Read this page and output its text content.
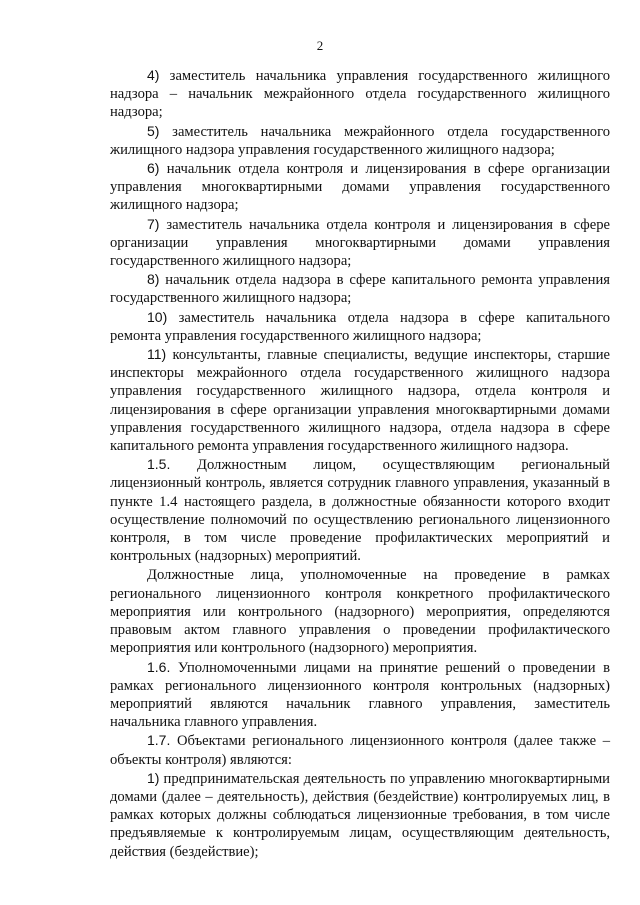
2

4) заместитель начальника управления государственного жилищного надзора – начальник межрайонного отдела государственного жилищного надзора;

5) заместитель начальника межрайонного отдела государственного жилищного надзора управления государственного жилищного надзора;

6) начальник отдела контроля и лицензирования в сфере организации управления многоквартирными домами управления государственного жилищного надзора;

7) заместитель начальника отдела контроля и лицензирования в сфере организации управления многоквартирными домами управления государственного жилищного надзора;

8) начальник отдела надзора в сфере капитального ремонта управления государственного жилищного надзора;

10) заместитель начальника отдела надзора в сфере капитального ремонта управления государственного жилищного надзора;

11) консультанты, главные специалисты, ведущие инспекторы, старшие инспекторы межрайонного отдела государственного жилищного надзора управления государственного жилищного надзора, отдела контроля и лицензирования в сфере организации управления многоквартирными домами управления государственного жилищного надзора, отдела надзора в сфере капитального ремонта управления государственного жилищного надзора.

1.5. Должностным лицом, осуществляющим региональный лицензионный контроль, является сотрудник главного управления, указанный в пункте 1.4 настоящего раздела, в должностные обязанности которого входит осуществление полномочий по осуществлению регионального лицензионного контроля, в том числе проведение профилактических мероприятий и контрольных (надзорных) мероприятий.

Должностные лица, уполномоченные на проведение в рамках регионального лицензионного контроля конкретного профилактического мероприятия или контрольного (надзорного) мероприятия, определяются правовым актом главного управления о проведении профилактического мероприятия или контрольного (надзорного) мероприятия.

1.6. Уполномоченными лицами на принятие решений о проведении в рамках регионального лицензионного контроля контрольных (надзорных) мероприятий являются начальник главного управления, заместитель начальника главного управления.

1.7. Объектами регионального лицензионного контроля (далее также – объекты контроля) являются:

1) предпринимательская деятельность по управлению многоквартирными домами (далее – деятельность), действия (бездействие) контролируемых лиц, в рамках которых должны соблюдаться лицензионные требования, в том числе предъявляемые к контролируемым лицам, осуществляющим деятельность, действия (бездействие);
